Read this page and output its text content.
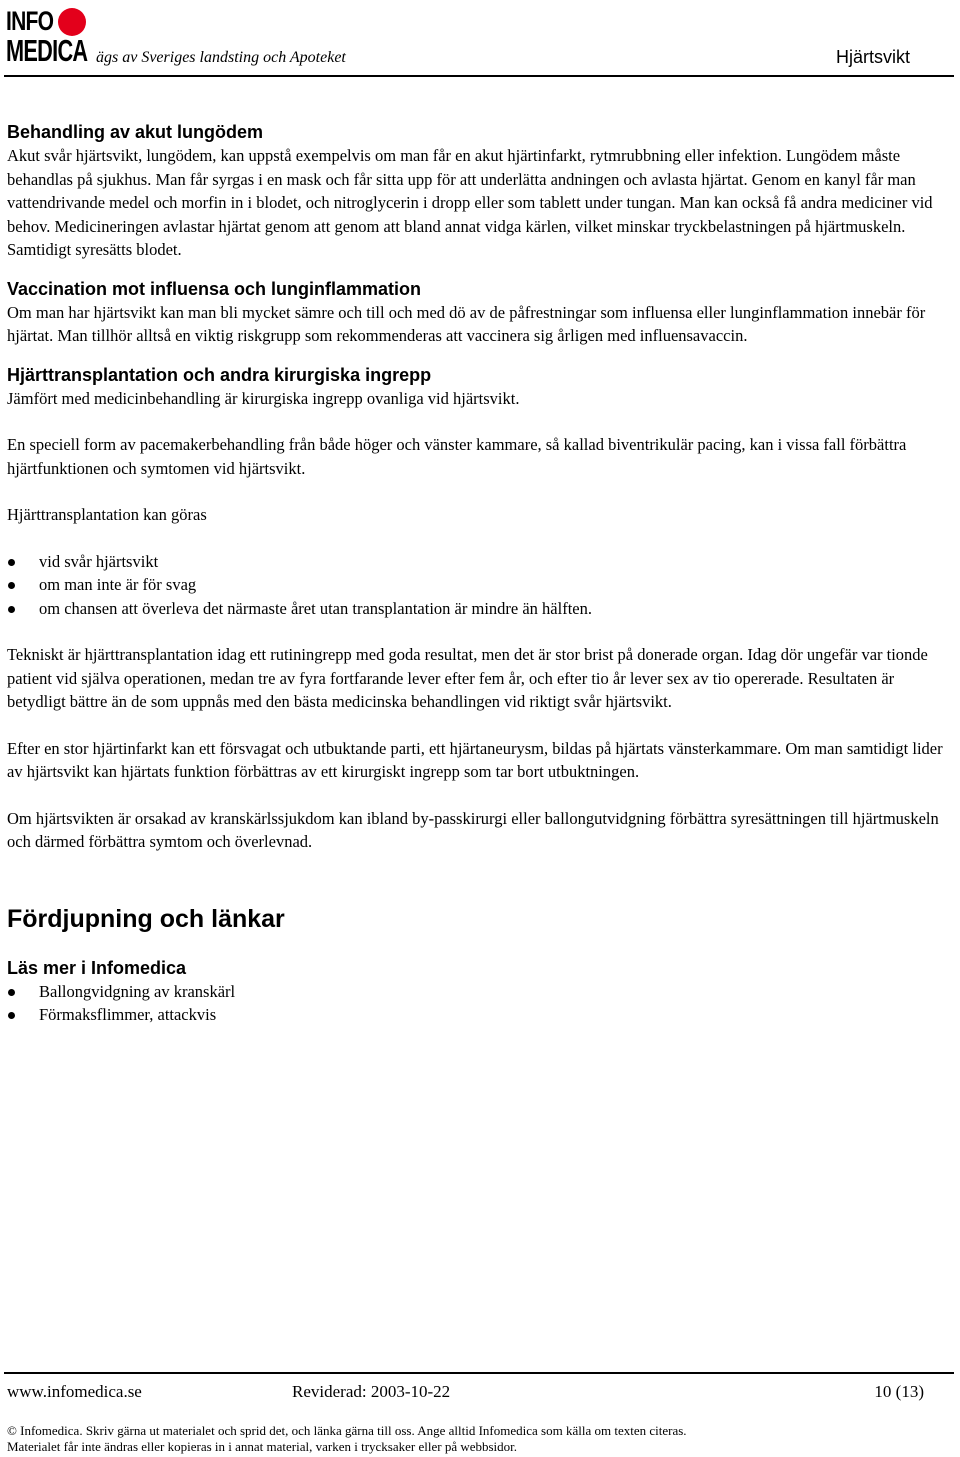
INFO
MEDICA ägs av Sveriges landsting och Apoteket	Hjärtsvikt
Behandling av akut lungödem

Akut svår hjärtsvikt, lungödem, kan uppstå exempelvis om man får en akut hjärtinfarkt, rytmrubbning eller infektion. Lungödem måste behandlas på sjukhus. Man får syrgas i en mask och får sitta upp för att underlätta andningen och avlasta hjärtat. Genom en kanyl får man vattendrivande medel och morfin in i blodet, och nitroglycerin i dropp eller som tablett under tungan. Man kan också få andra mediciner vid behov. Medicineringen avlastar hjärtat genom att genom att bland annat vidga kärlen, vilket minskar tryckbelastningen på hjärtmuskeln. Samtidigt syresätts blodet.

Vaccination mot influensa och lunginflammation

Om man har hjärtsvikt kan man bli mycket sämre och till och med dö av de påfrestningar som influensa eller lunginflammation innebär för hjärtat. Man tillhör alltså en viktig riskgrupp som rekommenderas att vaccinera sig årligen med influensavaccin.

Hjärttransplantation och andra kirurgiska ingrepp

Jämfört med medicinbehandling är kirurgiska ingrepp ovanliga vid hjärtsvikt.

En speciell form av pacemakerbehandling från både höger och vänster kammare, så kallad biventrikulär pacing, kan i vissa fall förbättra hjärtfunktionen och symtomen vid hjärtsvikt.

Hjärttransplantation kan göras

vid svår hjärtsvikt
om man inte är för svag
om chansen att överleva det närmaste året utan transplantation är mindre än hälften.

Tekniskt är hjärttransplantation idag ett rutiningrepp med goda resultat, men det är stor brist på donerade organ. Idag dör ungefär var tionde patient vid själva operationen, medan tre av fyra fortfarande lever efter fem år, och efter tio år lever sex av tio opererade. Resultaten är betydligt bättre än de som uppnås med den bästa medicinska behandlingen vid riktigt svår hjärtsvikt.

Efter en stor hjärtinfarkt kan ett försvagat och utbuktande parti, ett hjärtaneurysm, bildas på hjärtats vänsterkammare. Om man samtidigt lider av hjärtsvikt kan hjärtats funktion förbättras av ett kirurgiskt ingrepp som tar bort utbuktningen.

Om hjärtsvikten är orsakad av kranskärlssjukdom kan ibland by-passkirurgi eller ballongutvidgning förbättra syresättningen till hjärtmuskeln och därmed förbättra symtom och överlevnad.

Fördjupning och länkar
Läs mer i Infomedica
Ballongvidgning av kranskärl
Förmaksflimmer, attackvis
www.infomedica.se	Reviderad: 2003-10-22	10 (13)
© Infomedica. Skriv gärna ut materialet och sprid det, och länka gärna till oss. Ange alltid Infomedica som källa om texten citeras.
Materialet får inte ändras eller kopieras in i annat material, varken i trycksaker eller på webbsidor.
